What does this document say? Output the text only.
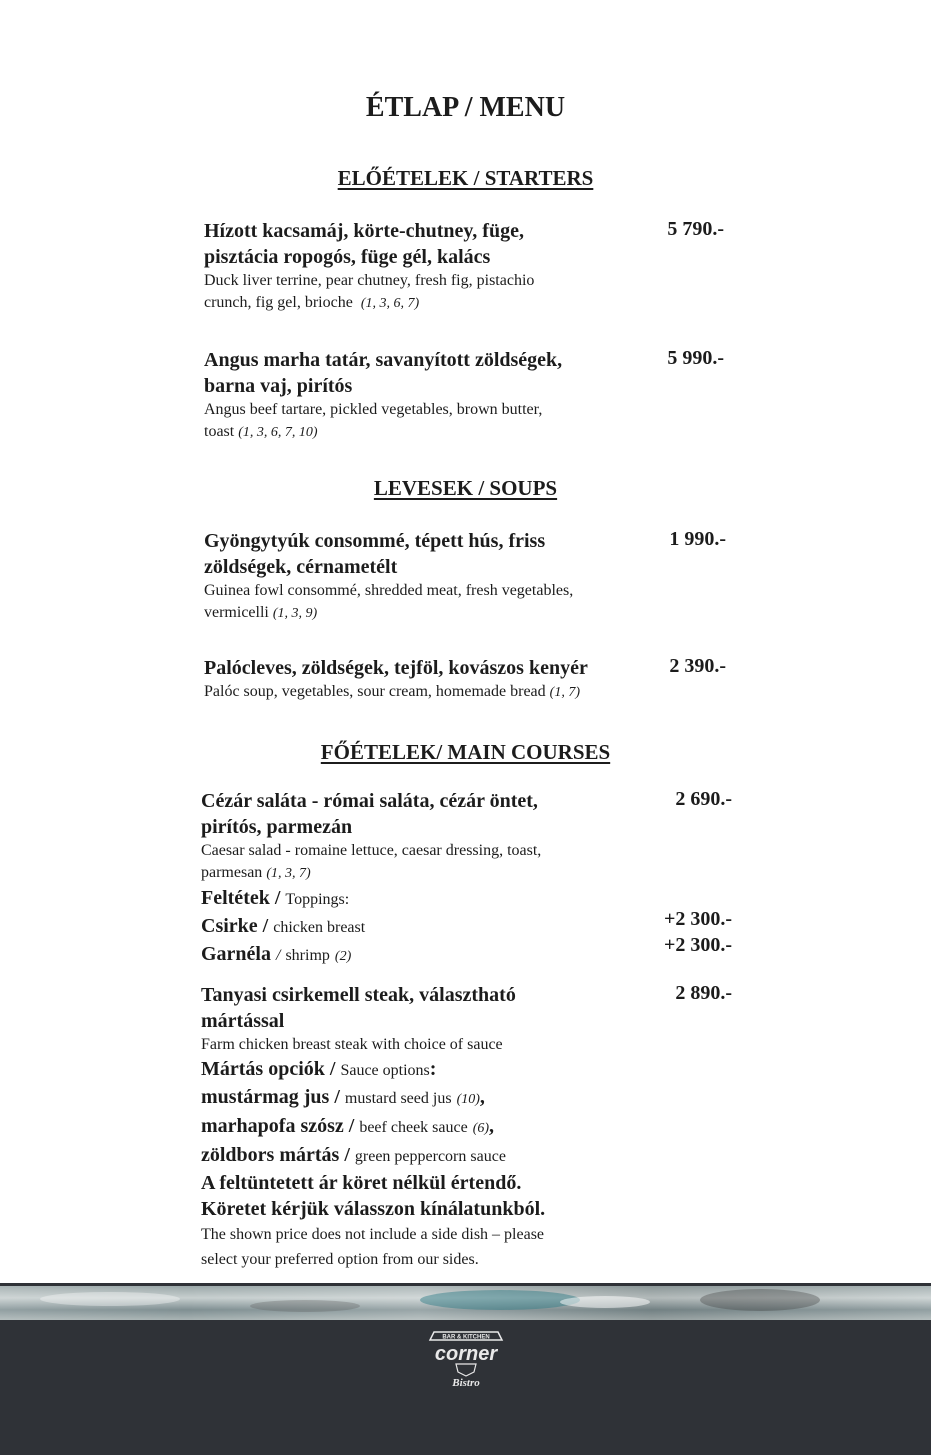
ÉTLAP / MENU
ELŐÉTELEK / STARTERS
Hízott kacsamáj, körte-chutney, füge,
pisztácia ropogós, füge gél, kalács
Duck liver terrine, pear chutney, fresh fig, pistachio
crunch, fig gel, brioche (1, 3, 6, 7)
5 790.-
Angus marha tatár, savanyított zöldségek,
barna vaj, pirítós
Angus beef tartare, pickled vegetables, brown butter,
toast (1, 3, 6, 7, 10)
5 990.-
LEVESEK / SOUPS
Gyöngytyúk consommé, tépett hús, friss
zöldségek, cérnametélt
Guinea fowl consommé, shredded meat, fresh vegetables,
vermicelli (1, 3, 9)
1 990.-
Palócleves, zöldségek, tejföl, kovászos kenyér
Palóc soup, vegetables, sour cream, homemade bread (1, 7)
2 390.-
FŐÉTELEK/ MAIN COURSES
Cézár saláta - római saláta, cézár öntet,
pirítós, parmezán
Caesar salad - romaine lettuce, caesar dressing, toast,
parmesan (1, 3, 7)
Feltétek / Toppings:
Csirke / chicken breast
Garnéla / shrimp (2)
2 690.-
+2 300.-
+2 300.-
Tanyasi csirkemell steak, választható
mártással
Farm chicken breast steak with choice of sauce
Mártás opciók / Sauce options:
mustármag jus / mustard seed jus (10),
marhapofa szósz / beef cheek sauce (6),
zöldbors mártás / green peppercorn sauce
2 890.-
A feltüntetett ár köret nélkül értendő.
Köretet kérjük válasszon kínálatunkból.
The shown price does not include a side dish – please
select your preferred option from our sides.
BAR & KITCHEN
corner
Bistro
